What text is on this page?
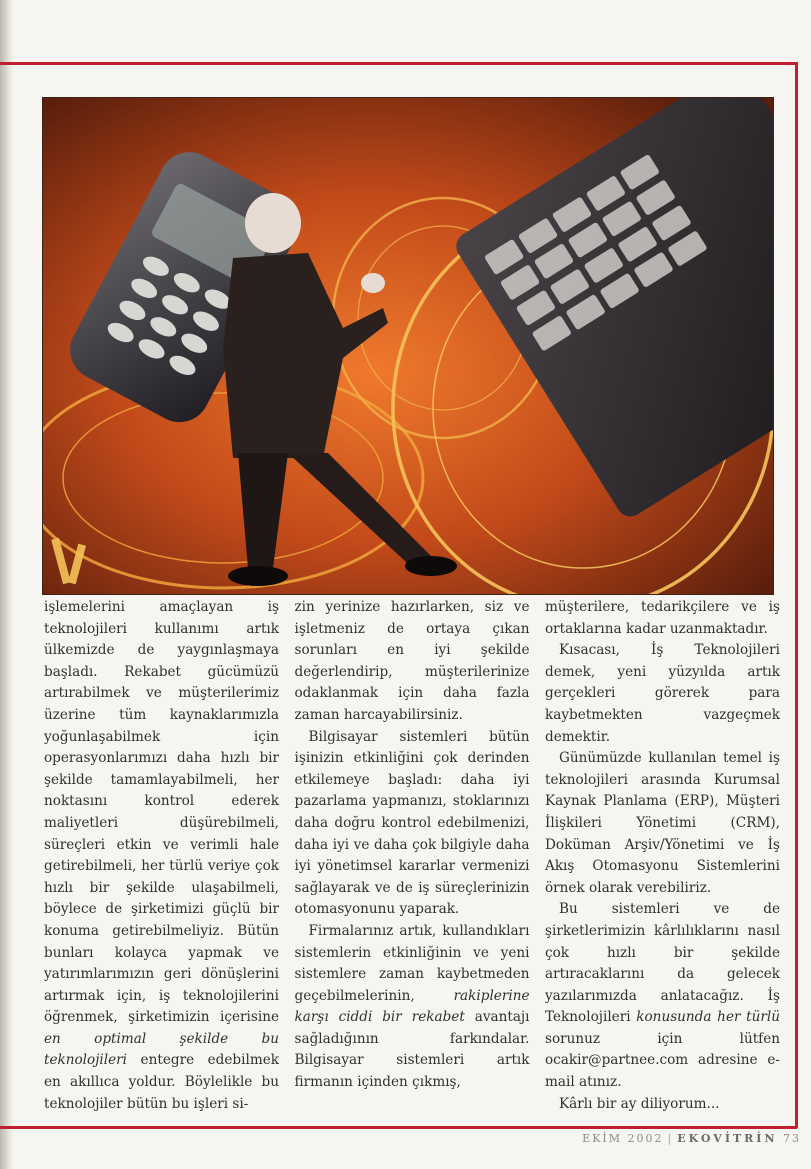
işlemelerini amaçlayan iş teknolojileri kullanımı artık ülkemizde de yaygınlaşmaya başladı. Rekabet gücümüzü artırabilmek ve müşterilerimiz üzerine tüm kaynaklarımızla yoğunlaşabilmek için operasyonlarımızı daha hızlı bir şekilde tamamlayabilmeli, her noktasını kontrol ederek maliyetleri düşürebilmeli, süreçleri etkin ve verimli hale getirebilmeli, her türlü veriye çok hızlı bir şekilde ulaşabilmeli, böylece de şirketimizi güçlü bir konuma getirebilmeliyiz. Bütün bunları kolayca yapmak ve yatırımlarımızın geri dönüşlerini artırmak için, iş teknolojilerini öğrenmek, şirketimizin içerisine en optimal şekilde bu teknolojileri entegre edebilmek en akıllıca yoldur. Böylelikle bu teknolojiler bütün bu işleri si-

zin yerinize hazırlarken, siz ve işletmeniz de ortaya çıkan sorunları en iyi şekilde değerlendirip, müşterilerinize odaklanmak için daha fazla zaman harcayabilirsiniz.

Bilgisayar sistemleri bütün işinizin etkinliğini çok derinden etkilemeye başladı: daha iyi pazarlama yapmanızı, stoklarınızı daha doğru kontrol edebilmenizi, daha iyi ve daha çok bilgiyle daha iyi yönetimsel kararlar vermenizi sağlayarak ve de iş süreçlerinizin otomasyonunu yaparak.

Firmalarınız artık, kullandıkları sistemlerin etkinliğinin ve yeni sistemlere zaman kaybetmeden geçebilmelerinin, rakiplerine karşı ciddi bir rekabet avantajı sağladığının farkındalar. Bilgisayar sistemleri artık firmanın içinden çıkmış,

müşterilere, tedarikçilere ve iş ortaklarına kadar uzanmaktadır.

Kısacası, İş Teknolojileri demek, yeni yüzyılda artık gerçekleri görerek para kaybetmekten vazgeçmek demektir.

Günümüzde kullanılan temel iş teknolojileri arasında Kurumsal Kaynak Planlama (ERP), Müşteri İlişkileri Yönetimi (CRM), Doküman Arşiv/Yönetimi ve İş Akış Otomasyonu Sistemlerini örnek olarak verebiliriz.

Bu sistemleri ve de şirketlerimizin kârlılıklarını nasıl çok hızlı bir şekilde artıracaklarını da gelecek yazılarımızda anlatacağız. İş Teknolojileri konusunda her türlü sorunuz için lütfen ocakir@partnee.com adresine e-mail atınız.

Kârlı bir ay diliyorum...

EKİM 2002 | EKOVİTRİN 73
